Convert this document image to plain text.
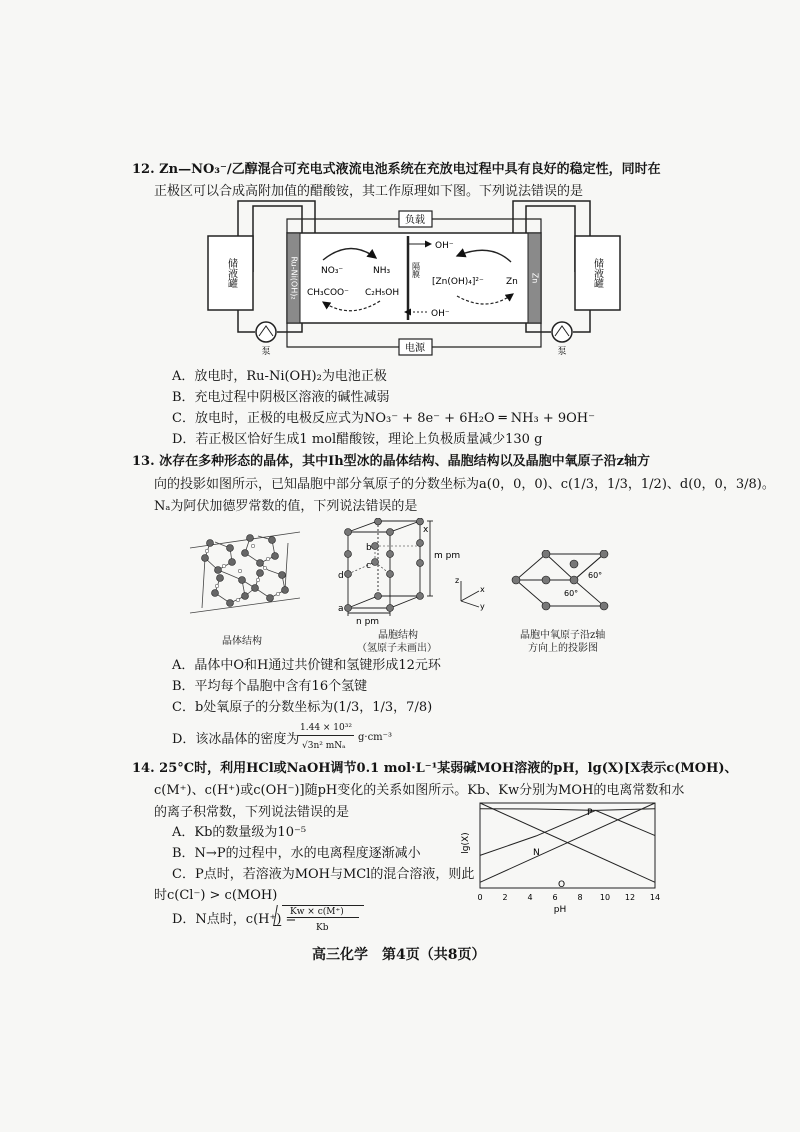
12. Zn—NO₃⁻/乙醇混合可充电式液流电池系统在充放电过程中具有良好的稳定性，同时在
正极区可以合成高附加值的醋酸铵，其工作原理如下图。下列说法错误的是
负载
电源
储液罐	储液罐
泵	泵
Ru-Ni(OH)₂	Zn
隔膜
OH⁻
OH⁻
NO₃⁻	NH₃
CH₃COO⁻ C₂H₅OH
[Zn(OH)₄]²⁻ Zn
A．放电时，Ru-Ni(OH)₂为电池正极
B．充电过程中阴极区溶液的碱性减弱
C．放电时，正极的电极反应式为NO₃⁻ + 8e⁻ + 6H₂O ═ NH₃ + 9OH⁻
D．若正极区恰好生成1 mol醋酸铵，理论上负极质量减少130 g
13. 冰存在多种形态的晶体，其中Ih型冰的晶体结构、晶胞结构以及晶胞中氧原子沿z轴方
向的投影如图所示，已知晶胞中部分氧原子的分数坐标为a(0，0，0)、c(1/3，1/3，1/2)、d(0，0，3/8)。
Nₐ为阿伏加德罗常数的值，下列说法错误的是
晶体结构
a
b
c
d
m pm
n pm
x
z
x
y
晶胞结构
（氢原子未画出）
60°
60°
晶胞中氧原子沿z轴
方向上的投影图
A．晶体中O和H通过共价键和氢键形成12元环
B．平均每个晶胞中含有16个氢键
C．b处氧原子的分数坐标为(1/3，1/3，7/8)
D．该冰晶体的密度为
1.44 × 10³²
√3n² mNₐ
g·cm⁻³
14. 25°C时，利用HCl或NaOH调节0.1 mol·L⁻¹某弱碱MOH溶液的pH，lg(X)[X表示c(MOH)、
c(M⁺)、c(H⁺)或c(OH⁻)]随pH变化的关系如图所示。Kb、Kw分别为MOH的电离常数和水
的离子积常数，下列说法错误的是
A．Kb的数量级为10⁻⁵
B．N→P的过程中，水的电离程度逐渐减小
C．P点时，若溶液为MOH与MCl的混合溶液，则此
时c(Cl⁻) > c(MOH)
D．N点时，c(H⁺) =
Kw × c(M⁺)
Kb
lg(X)
0 2 4 6 8 10 12 14
P
N
O
pH
高三化学　第4页（共8页）
